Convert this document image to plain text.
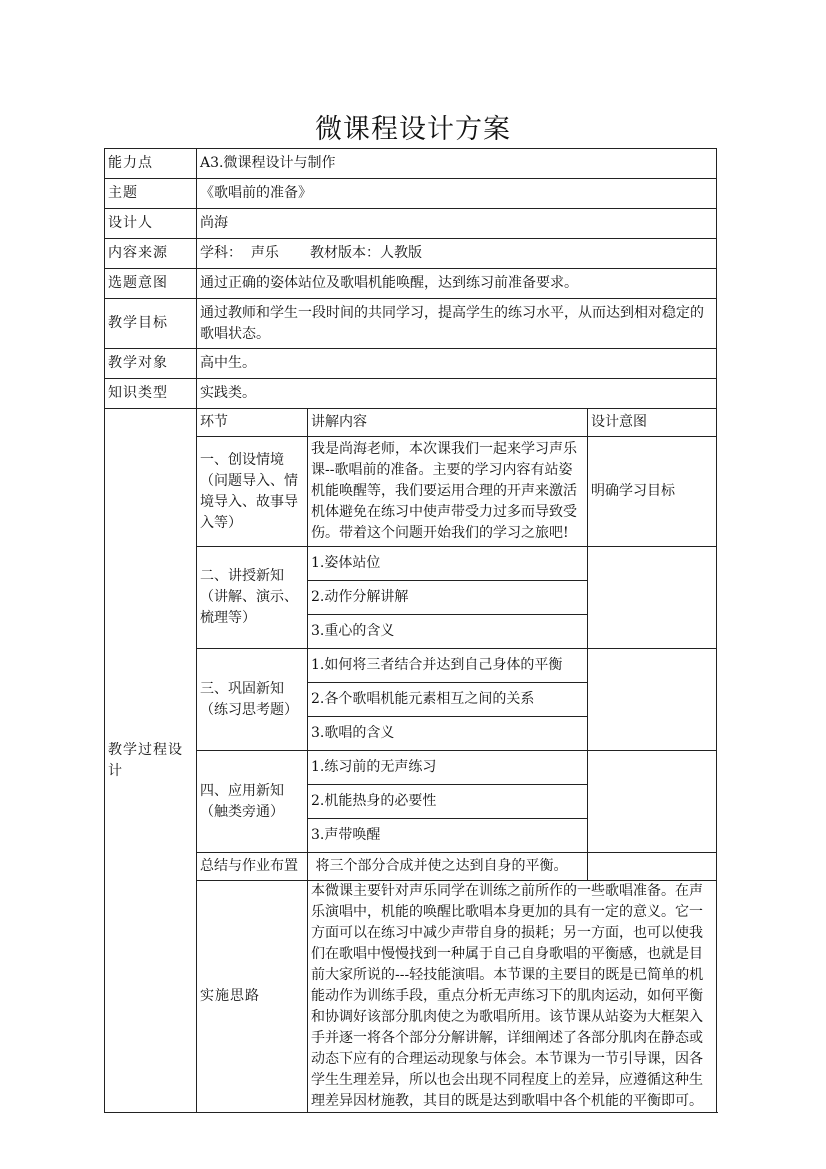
微课程设计方案
能力点	A3.微课程设计与制作		
主题	《歌唱前的准备》		
设计人	尚海		
内容来源	学科：  声乐       教材版本：人教版		
选题意图	通过正确的姿体站位及歌唱机能唤醒，达到练习前准备要求。		
教学目标	通过教师和学生一段时间的共同学习，提高学生的练习水平，从而达到相对稳定的歌唱状态。		
教学对象	高中生。		
知识类型	实践类。		
教学过程设计	环节	讲解内容	设计意图
	一、创设情境（问题导入、情境导入、故事导入等）	我是尚海老师，本次课我们一起来学习声乐课--歌唱前的准备。主要的学习内容有站姿机能唤醒等，我们要运用合理的开声来激活机体避免在练习中使声带受力过多而导致受伤。带着这个问题开始我们的学习之旅吧!	明确学习目标
	二、讲授新知（讲解、演示、梳理等）	1.姿体站位	
		2.动作分解讲解	
		3.重心的含义	
	三、巩固新知（练习思考题）	1.如何将三者结合并达到自己身体的平衡	
		2.各个歌唱机能元素相互之间的关系	
		3.歌唱的含义	
	四、应用新知（触类旁通）	1.练习前的无声练习	
		2.机能热身的必要性	
		3.声带唤醒	
	总结与作业布置	将三个部分合成并使之达到自身的平衡。	
	实施思路	本微课主要针对声乐同学在训练之前所作的一些歌唱准备。在声乐演唱中，机能的唤醒比歌唱本身更加的具有一定的意义。它一方面可以在练习中减少声带自身的损耗；另一方面，也可以使我们在歌唱中慢慢找到一种属于自己自身歌唱的平衡感，也就是目前大家所说的---轻技能演唱。本节课的主要目的既是已简单的机能动作为训练手段，重点分析无声练习下的肌肉运动，如何平衡和协调好该部分肌肉使之为歌唱所用。该节课从站姿为大框架入手并逐一将各个部分分解讲解，详细阐述了各部分肌肉在静态或动态下应有的合理运动现象与体会。本节课为一节引导课，因各学生生理差异，所以也会出现不同程度上的差异，应遵循这种生理差异因材施教，其目的既是达到歌唱中各个机能的平衡即可。	
